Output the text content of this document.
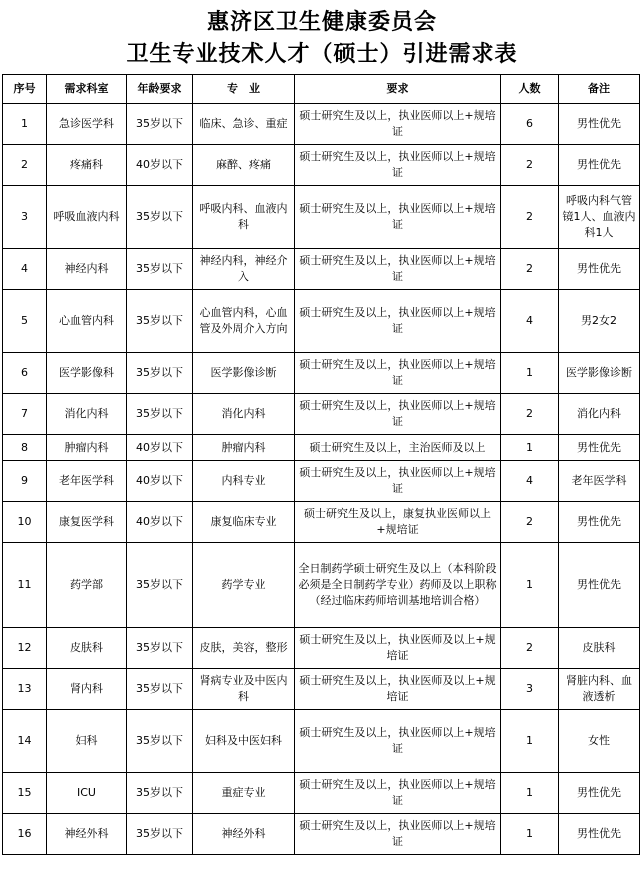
惠济区卫生健康委员会
卫生专业技术人才（硕士）引进需求表
序号	需求科室	年龄要求	专　业	要求	人数	备注
1	急诊医学科	35岁以下	临床、急诊、重症	硕士研究生及以上，执业医师以上+规培证	6	男性优先
2	疼痛科	40岁以下	麻醉、疼痛	硕士研究生及以上，执业医师以上+规培证	2	男性优先
3	呼吸血液内科	35岁以下	呼吸内科、血液内科	硕士研究生及以上，执业医师以上+规培证	2	呼吸内科气管镜1人、血液内科1人
4	神经内科	35岁以下	神经内科，神经介入	硕士研究生及以上，执业医师以上+规培证	2	男性优先
5	心血管内科	35岁以下	心血管内科，心血管及外周介入方向	硕士研究生及以上，执业医师以上+规培证	4	男2女2
6	医学影像科	35岁以下	医学影像诊断	硕士研究生及以上，执业医师以上+规培证	1	医学影像诊断
7	消化内科	35岁以下	消化内科	硕士研究生及以上，执业医师以上+规培证	2	消化内科
8	肿瘤内科	40岁以下	肿瘤内科	硕士研究生及以上，主治医师及以上	1	男性优先
9	老年医学科	40岁以下	内科专业	硕士研究生及以上，执业医师以上+规培证	4	老年医学科
10	康复医学科	40岁以下	康复临床专业	硕士研究生及以上，康复执业医师以上+规培证	2	男性优先
11	药学部	35岁以下	药学专业	全日制药学硕士研究生及以上（本科阶段必须是全日制药学专业）药师及以上职称（经过临床药师培训基地培训合格）	1	男性优先
12	皮肤科	35岁以下	皮肤，美容，整形	硕士研究生及以上，执业医师及以上+规培证	2	皮肤科
13	肾内科	35岁以下	肾病专业及中医内科	硕士研究生及以上，执业医师及以上+规培证	3	肾脏内科、血液透析
14	妇科	35岁以下	妇科及中医妇科	硕士研究生及以上，执业医师以上+规培证	1	女性
15	ICU	35岁以下	重症专业	硕士研究生及以上，执业医师以上+规培证	1	男性优先
16	神经外科	35岁以下	神经外科	硕士研究生及以上，执业医师以上+规培证	1	男性优先
